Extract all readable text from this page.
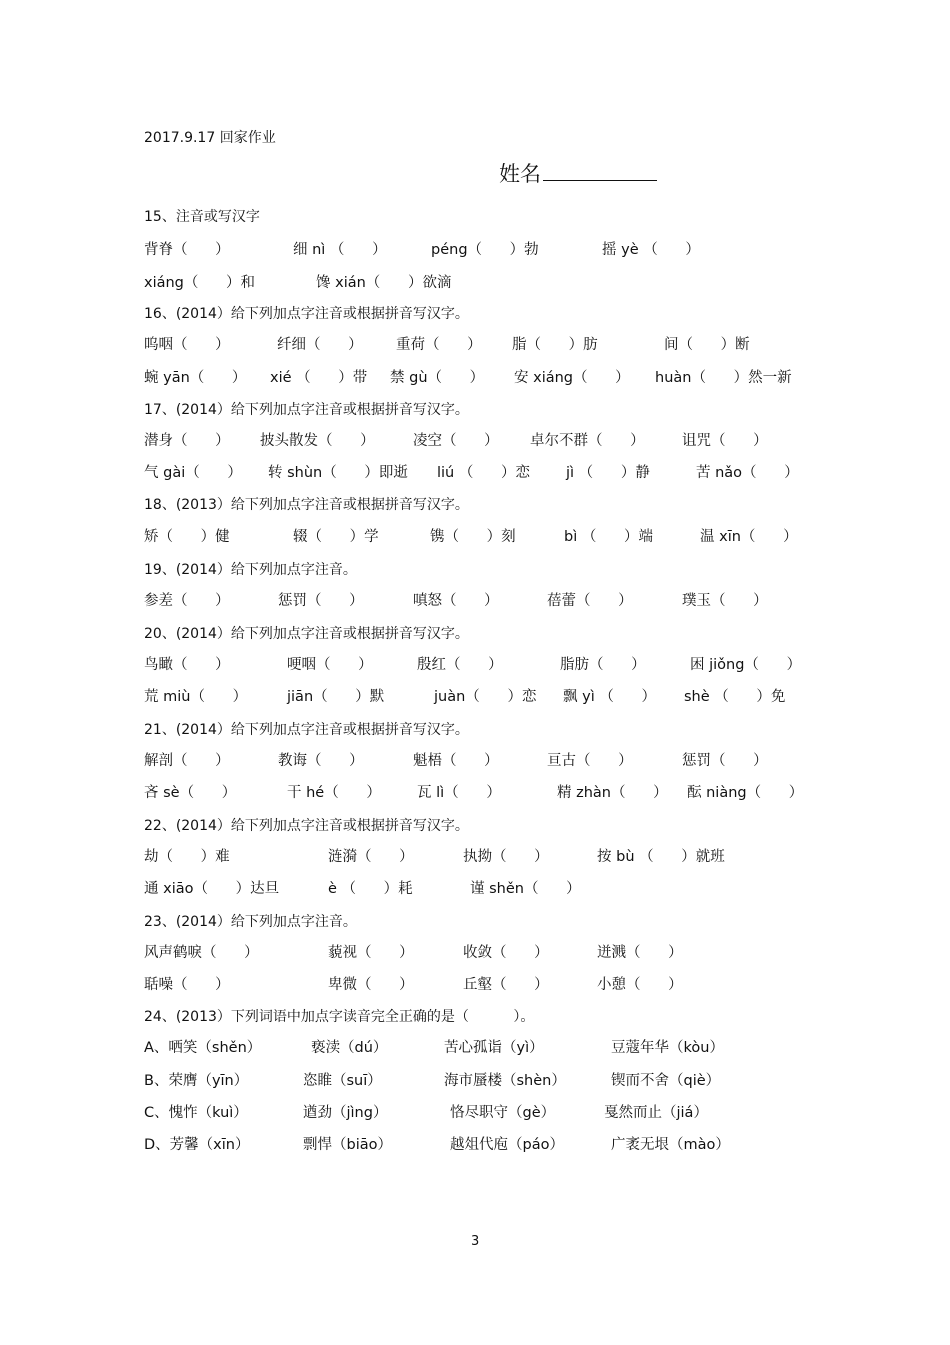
2017.9.17 回家作业
姓名
15、注音或写汉字
背脊（      ）	细 nì （      ）	péng（      ）勃	摇 yè （      ）
xiáng（      ）和	馋 xián（      ）欲滴
16、(2014）给下列加点字注音或根据拼音写汉字。
呜咽（      ）	纤细（      ） 重荷（      ） 脂（      ）肪	间（      ）断
蜿 yān（      ） xié （      ）带 禁 gù（      ） 安 xiáng（      ） huàn（      ）然一新
17、(2014）给下列加点字注音或根据拼音写汉字。
潜身（      ） 披头散发（      ）	凌空（      ） 卓尔不群（      ）	诅咒（      ）
气 gài（      ） 转 shùn（      ）即逝 liú （      ）恋 jì （      ）静	苦 nǎo（      ）
18、(2013）给下列加点字注音或根据拼音写汉字。
矫（      ）健	辍（      ）学	镌（      ）刻	bì （      ）端	温 xīn（      ）
19、(2014）给下列加点字注音。
参差（      ）	惩罚（      ）	嗔怒（      ）	蓓蕾（      ）	璞玉（      ）
20、(2014）给下列加点字注音或根据拼音写汉字。
鸟瞰（      ）	哽咽（      ）	殷红（      ）	脂肪（      ）	困 jiǒng（      ）
荒 miù（      ）	jiān（      ）默	juàn（      ）恋 飘 yì （      ） shè （      ）免
21、(2014）给下列加点字注音或根据拼音写汉字。
解剖（      ）	教诲（      ）	魁梧（      ）	亘古（      ）	惩罚（      ）
吝 sè（      ）	干 hé（      ） 瓦 lì（      ）	精 zhàn（      ） 酝 niàng（      ）
22、(2014）给下列加点字注音或根据拼音写汉字。
劫（      ）难	涟漪（      ）	执拗（      ）	按 bù （      ）就班
通 xiāo（      ）达旦	è （      ）耗	谨 shěn（      ）
23、(2014）给下列加点字注音。
风声鹤唳（      ）	藐视（      ）	收敛（      ）	迸溅（      ）
聒噪（      ）	卑微（      ）	丘壑（      ）	小憩（      ）
24、(2013）下列词语中加点字读音完全正确的是（          ）。
A、哂笑（shěn）	亵渎（dú）	苦心孤诣（yì）	豆蔻年华（kòu）
B、荣膺（yīn）	恣睢（suī）	海市蜃楼（shèn）	锲而不舍（qiè）
C、愧怍（kuì）	遒劲（jìng）	恪尽职守（gè）	戛然而止（jiá）
D、芳馨（xīn）	剽悍（biāo）	越俎代庖（páo）	广袤无垠（mào）
3
